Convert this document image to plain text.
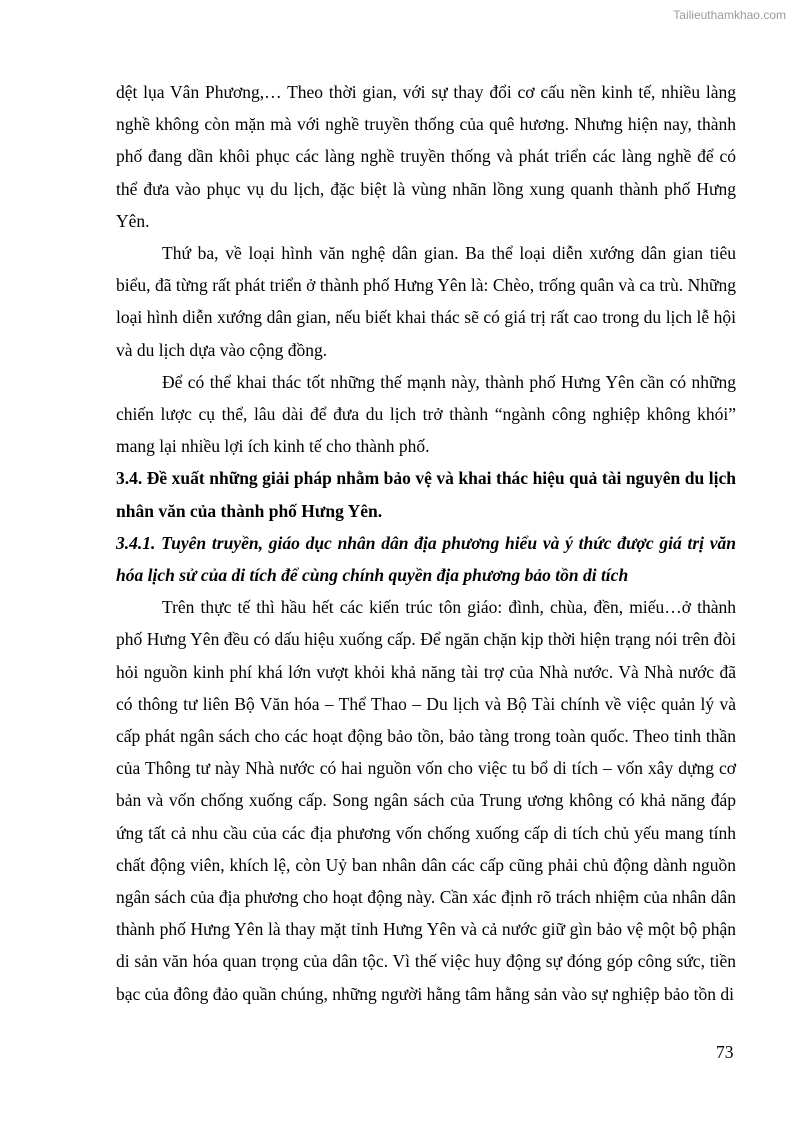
Tailieuthamkhao.com

dệt lụa Vân Phương,… Theo thời gian, với sự thay đổi cơ cấu nền kinh tế, nhiều làng nghề không còn mặn mà với nghề truyền thống của quê hương. Nhưng hiện nay, thành phố đang dần khôi phục các làng nghề truyền thống và phát triển các làng nghề để có thể đưa vào phục vụ du lịch, đặc biệt là vùng nhãn lồng xung quanh thành phố Hưng Yên.

Thứ ba, về loại hình văn nghệ dân gian. Ba thể loại diễn xướng dân gian tiêu biểu, đã từng rất phát triển ở thành phố Hưng Yên là: Chèo, trống quân và ca trù. Những loại hình diễn xướng dân gian, nếu biết khai thác sẽ có giá trị rất cao trong du lịch lễ hội và du lịch dựa vào cộng đồng.

Để có thể khai thác tốt những thế mạnh này, thành phố Hưng Yên cần có những chiến lược cụ thể, lâu dài để đưa du lịch trở thành “ngành công nghiệp không khói” mang lại nhiều lợi ích kinh tế cho thành phố.

3.4. Đề xuất những giải pháp nhằm bảo vệ và khai thác hiệu quả tài nguyên du lịch nhân văn của thành phố Hưng Yên.
3.4.1. Tuyên truyền, giáo dục nhân dân địa phương hiểu và ý thức được giá trị văn hóa lịch sử của di tích để cùng chính quyền địa phương bảo tồn di tích

Trên thực tế thì hầu hết các kiến trúc tôn giáo: đình, chùa, đền, miếu…ở thành phố Hưng Yên đều có dấu hiệu xuống cấp. Để ngăn chặn kịp thời hiện trạng nói trên đòi hỏi nguồn kinh phí khá lớn vượt khỏi khả năng tài trợ của Nhà nước. Và Nhà nước đã có thông tư liên Bộ Văn hóa – Thể Thao – Du lịch và Bộ Tài chính về việc quản lý và cấp phát ngân sách cho các hoạt động bảo tồn, bảo tàng trong toàn quốc. Theo tinh thần của Thông tư này Nhà nước có hai nguồn vốn cho việc tu bổ di tích – vốn xây dựng cơ bản và vốn chống xuống cấp. Song ngân sách của Trung ương không có khả năng đáp ứng tất cả nhu cầu của các địa phương vốn chống xuống cấp di tích chủ yếu mang tính chất động viên, khích lệ, còn Uỷ ban nhân dân các cấp cũng phải chủ động dành nguồn ngân sách của địa phương cho hoạt động này. Cần xác định rõ trách nhiệm của nhân dân thành phố Hưng Yên là thay mặt tỉnh Hưng Yên và cả nước giữ gìn bảo vệ một bộ phận di sản văn hóa quan trọng của dân tộc. Vì thế việc huy động sự đóng góp công sức, tiền bạc của đông đảo quần chúng, những người hằng tâm hằng sản vào sự nghiệp bảo tồn di

73
